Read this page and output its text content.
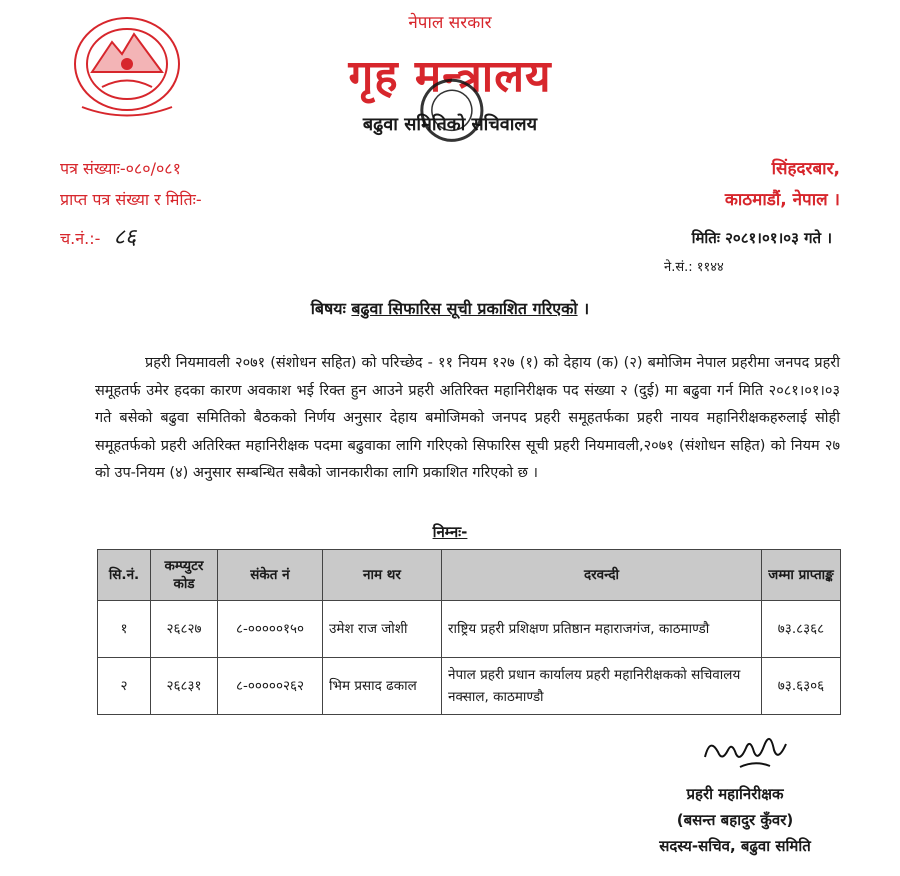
नेपाल सरकार
गृह मन्त्रालय
बढुवा समितिको सचिवालय
पत्र संख्याः-०८०/०८१
प्राप्त पत्र संख्या र मितिः-
च.नं.:- ८६
सिंहदरबार,
काठमाडौं, नेपाल ।
मितिः २०८१।०१।०३ गते ।
ने.सं.: ११४४
बिषयः बढुवा सिफारिस सूची प्रकाशित गरिएको ।
प्रहरी नियमावली २०७१ (संशोधन सहित) को परिच्छेद - ११ नियम १२७ (१) को देहाय (क) (२) बमोजिम नेपाल प्रहरीमा जनपद प्रहरी समूहतर्फ उमेर हदका कारण अवकाश भई रिक्त हुन आउने प्रहरी अतिरिक्त महानिरीक्षक पद संख्या २ (दुई) मा बढुवा गर्न मिति २०८१।०१।०३ गते बसेको बढुवा समितिको बैठकको निर्णय अनुसार देहाय बमोजिमको जनपद प्रहरी समूहतर्फका प्रहरी नायव महानिरीक्षकहरुलाई सोही समूहतर्फको प्रहरी अतिरिक्त महानिरीक्षक पदमा बढुवाका लागि गरिएको सिफारिस सूची प्रहरी नियमावली,२०७१ (संशोधन सहित) को नियम २७ को उप-नियम (४) अनुसार सम्बन्धित सबैको जानकारीका लागि प्रकाशित गरिएको छ ।
निम्नः-
सि.नं.	कम्प्युटर कोड	संकेत नं	नाम थर	दरवन्दी	जम्मा प्राप्ताङ्क
१	२६८२७	८-०००००१५०	उमेश राज जोशी	राष्ट्रिय प्रहरी प्रशिक्षण प्रतिष्ठान महाराजगंज, काठमाण्डौ	७३.८३६८
२	२६८३१	८-०००००२६२	भिम प्रसाद ढकाल	नेपाल प्रहरी प्रधान कार्यालय प्रहरी महानिरीक्षकको सचिवालय नक्साल, काठमाण्डौ	७३.६३०६
प्रहरी महानिरीक्षक
(बसन्त बहादुर कुँवर)
सदस्य-सचिव, बढुवा समिति
